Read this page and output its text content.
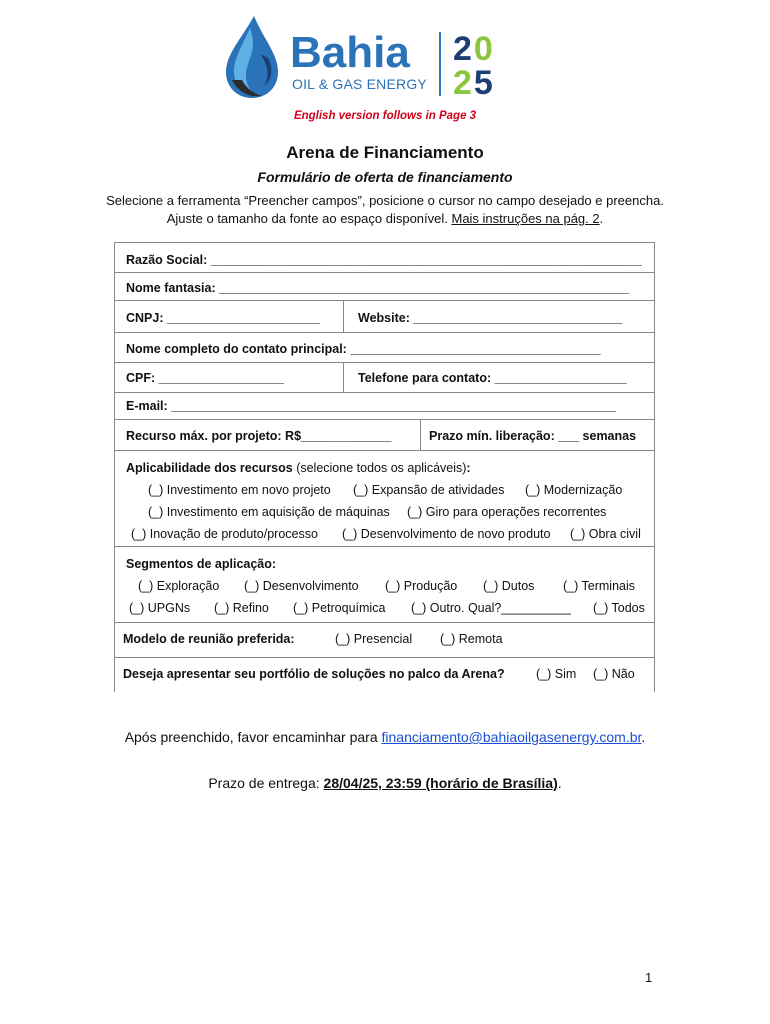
Bahia
OIL & GAS ENERGY
20
25
English version follows in Page 3
Arena de Financiamento
Formulário de oferta de financiamento
Selecione a ferramenta “Preencher campos”, posicione o cursor no campo desejado e preencha.
Ajuste o tamanho da fonte ao espaço disponível. Mais instruções na pág. 2.
Razão Social: ______________________________________________________________
Nome fantasia: ___________________________________________________________
CNPJ: ______________________	Website: ______________________________
Nome completo do contato principal: ____________________________________
CPF: __________________	Telefone para contato: ___________________
E-mail: ________________________________________________________________
Recurso máx. por projeto: R$_____________	Prazo mín. liberação: ___ semanas
Aplicabilidade dos recursos (selecione todos os aplicáveis):
(_) Investimento em novo projeto (_) Expansão de atividades (_) Modernização
(_) Investimento em aquisição de máquinas (_) Giro para operações recorrentes
(_) Inovação de produto/processo (_) Desenvolvimento de novo produto (_) Obra civil
Segmentos de aplicação:
(_) Exploração (_) Desenvolvimento (_) Produção (_) Dutos (_) Terminais
(_) UPGNs (_) Refino (_) Petroquímica (_) Outro. Qual?__________ (_) Todos
Modelo de reunião preferida:	(_) Presencial (_) Remota
Deseja apresentar seu portfólio de soluções no palco da Arena?	(_) Sim (_) Não
Após preenchido, favor encaminhar para financiamento@bahiaoilgasenergy.com.br.
Prazo de entrega: 28/04/25, 23:59 (horário de Brasília).
1
